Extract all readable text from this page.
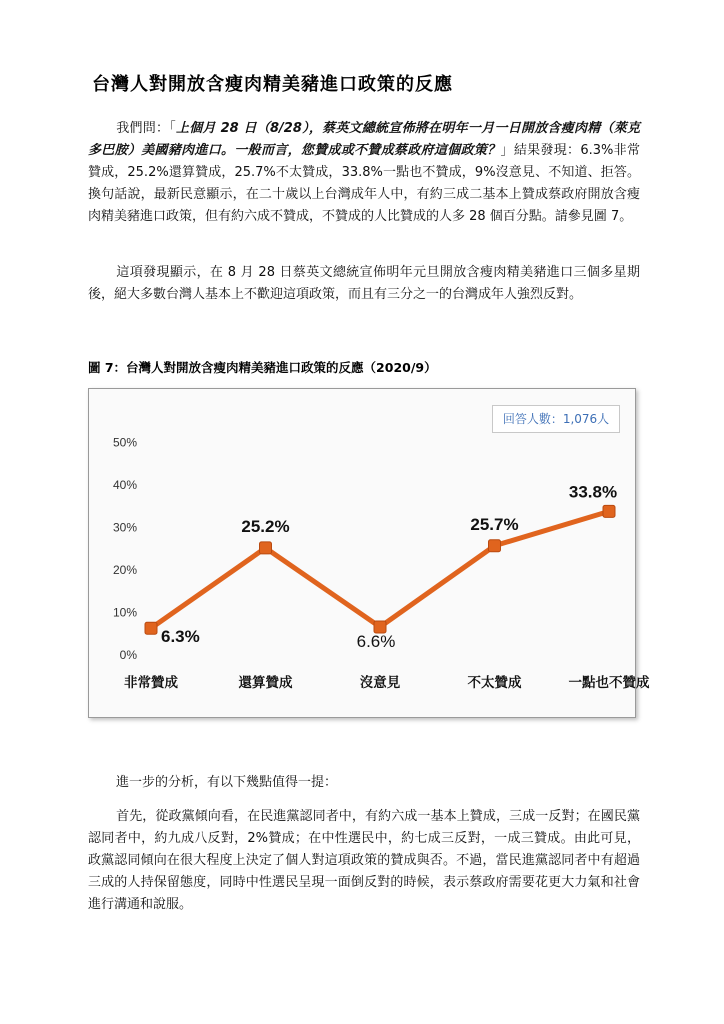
台灣人對開放含瘦肉精美豬進口政策的反應

我們問：「上個月 28 日（8/28），蔡英文總統宣佈將在明年一月一日開放含瘦肉精（萊克多巴胺）美國豬肉進口。一般而言，您贊成或不贊成蔡政府這個政策？」結果發現：6.3%非常贊成，25.2%還算贊成，25.7%不太贊成，33.8%一點也不贊成，9%沒意見、不知道、拒答。換句話說，最新民意顯示，在二十歲以上台灣成年人中，有約三成二基本上贊成蔡政府開放含瘦肉精美豬進口政策，但有約六成不贊成，不贊成的人比贊成的人多 28 個百分點。請參見圖 7。

這項發現顯示，在 8 月 28 日蔡英文總統宣佈明年元旦開放含瘦肉精美豬進口三個多星期後，絕大多數台灣人基本上不歡迎這項政策，而且有三分之一的台灣成年人強烈反對。

圖 7：台灣人對開放含瘦肉精美豬進口政策的反應（2020/9）
0%
10%
20%
30%
40%
50%
6.3%
25.2%
6.6%
25.7%
33.8%
非常贊成	還算贊成	沒意見	不太贊成	一點也不贊成
回答人數：1,076人

進一步的分析，有以下幾點值得一提：

首先，從政黨傾向看，在民進黨認同者中，有約六成一基本上贊成，三成一反對；在國民黨認同者中，約九成八反對，2%贊成；在中性選民中，約七成三反對，一成三贊成。由此可見，政黨認同傾向在很大程度上決定了個人對這項政策的贊成與否。不過，當民進黨認同者中有超過三成的人持保留態度，同時中性選民呈現一面倒反對的時候，表示蔡政府需要花更大力氣和社會進行溝通和說服。
